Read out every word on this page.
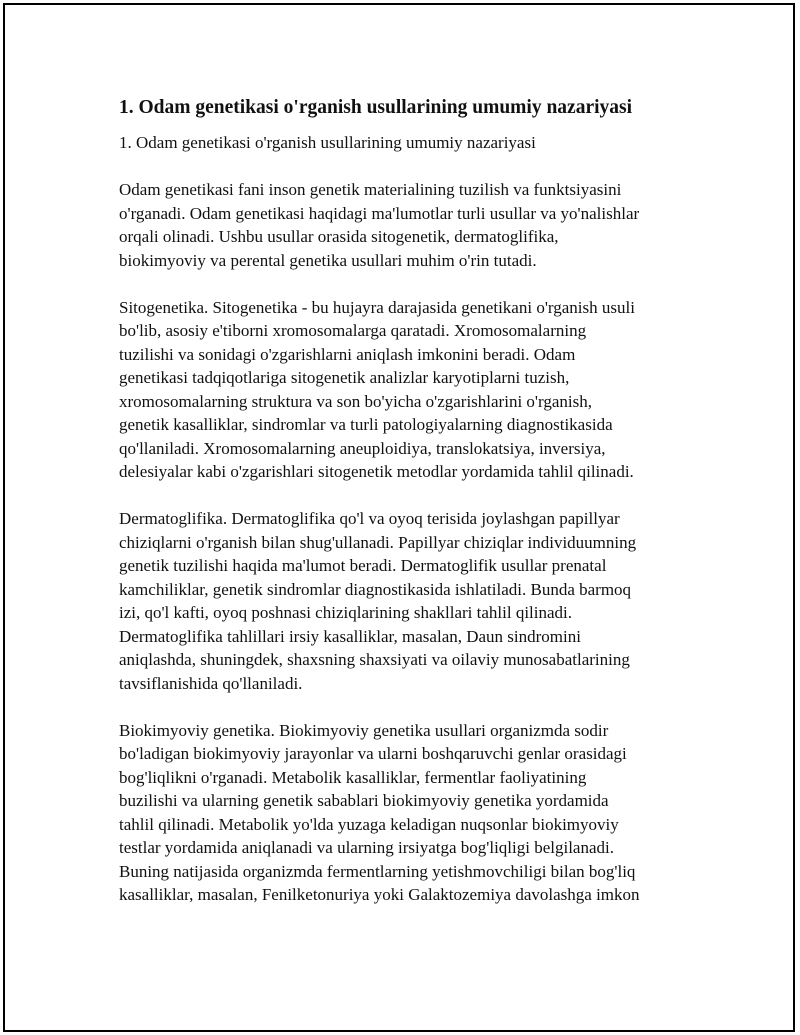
1. Odam genetikasi o'rganish usullarining umumiy nazariyasi

1. Odam genetikasi o'rganish usullarining umumiy nazariyasi

Odam genetikasi fani inson genetik materialining tuzilish va funktsiyasini
o'rganadi. Odam genetikasi haqidagi ma'lumotlar turli usullar va yo'nalishlar
orqali olinadi. Ushbu usullar orasida sitogenetik, dermatoglifika,
biokimyoviy va perental genetika usullari muhim o'rin tutadi.

Sitogenetika. Sitogenetika - bu hujayra darajasida genetikani o'rganish usuli
bo'lib, asosiy e'tiborni xromosomalarga qaratadi. Xromosomalarning
tuzilishi va sonidagi o'zgarishlarni aniqlash imkonini beradi. Odam
genetikasi tadqiqotlariga sitogenetik analizlar karyotiplarni tuzish,
xromosomalarning struktura va son bo'yicha o'zgarishlarini o'rganish,
genetik kasalliklar, sindromlar va turli patologiyalarning diagnostikasida
qo'llaniladi. Xromosomalarning aneuploidiya, translokatsiya, inversiya,
delesiyalar kabi o'zgarishlari sitogenetik metodlar yordamida tahlil qilinadi.

Dermatoglifika. Dermatoglifika qo'l va oyoq terisida joylashgan papillyar
chiziqlarni o'rganish bilan shug'ullanadi. Papillyar chiziqlar individuumning
genetik tuzilishi haqida ma'lumot beradi. Dermatoglifik usullar prenatal
kamchiliklar, genetik sindromlar diagnostikasida ishlatiladi. Bunda barmoq
izi, qo'l kafti, oyoq poshnasi chiziqlarining shakllari tahlil qilinadi.
Dermatoglifika tahlillari irsiy kasalliklar, masalan, Daun sindromini
aniqlashda, shuningdek, shaxsning shaxsiyati va oilaviy munosabatlarining
tavsiflanishida qo'llaniladi.

Biokimyoviy genetika. Biokimyoviy genetika usullari organizmda sodir
bo'ladigan biokimyoviy jarayonlar va ularni boshqaruvchi genlar orasidagi
bog'liqlikni o'rganadi. Metabolik kasalliklar, fermentlar faoliyatining
buzilishi va ularning genetik sabablari biokimyoviy genetika yordamida
tahlil qilinadi. Metabolik yo'lda yuzaga keladigan nuqsonlar biokimyoviy
testlar yordamida aniqlanadi va ularning irsiyatga bog'liqligi belgilanadi.
Buning natijasida organizmda fermentlarning yetishmovchiligi bilan bog'liq
kasalliklar, masalan, Fenilketonuriya yoki Galaktozemiya davolashga imkon
